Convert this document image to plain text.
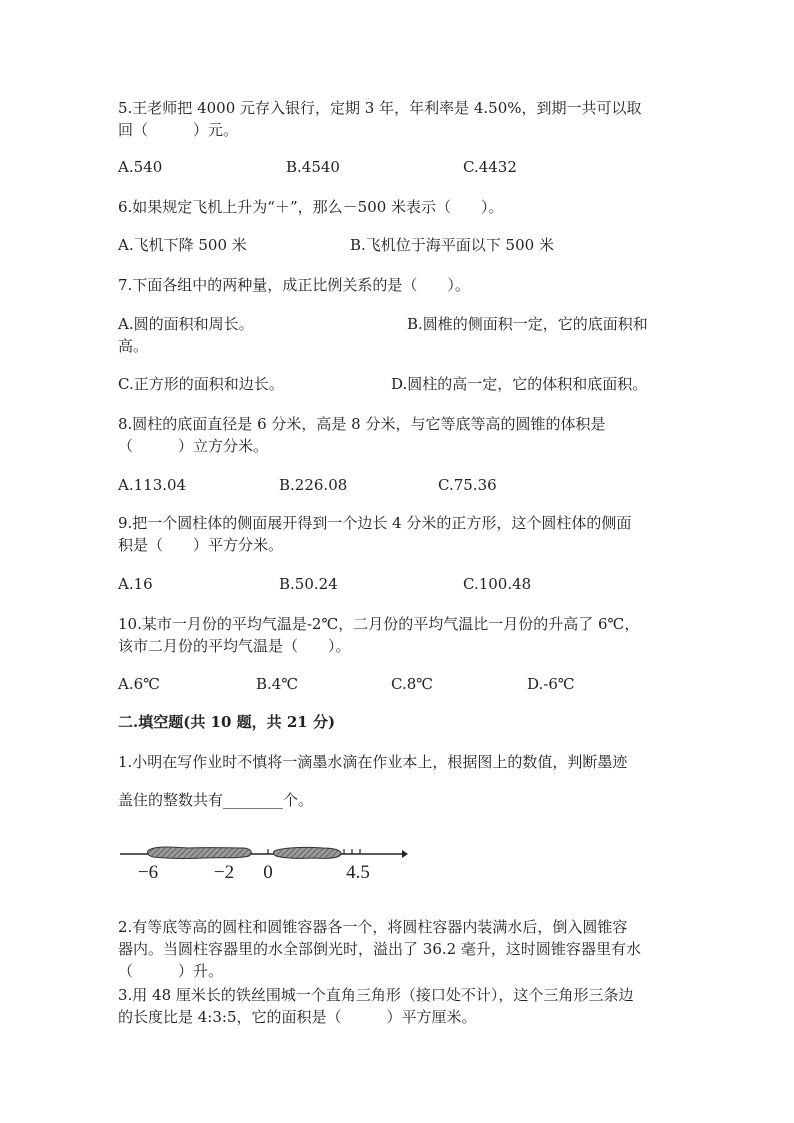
5.王老师把 4000 元存入银行，定期 3 年，年利率是 4.50%，到期一共可以取
回（　　　）元。
A.540	B.4540	C.4432
6.如果规定飞机上升为“＋”，那么－500 米表示（　　）。
A.飞机下降 500 米	B.飞机位于海平面以下 500 米
7.下面各组中的两种量，成正比例关系的是（　　）。
A.圆的面积和周长。	B.圆椎的侧面积一定，它的底面积和
高。
C.正方形的面积和边长。	D.圆柱的高一定，它的体积和底面积。
8.圆柱的底面直径是 6 分米，高是 8 分米，与它等底等高的圆锥的体积是
（　　　）立方分米。
A.113.04	B.226.08	C.75.36
9.把一个圆柱体的侧面展开得到一个边长 4 分米的正方形，这个圆柱体的侧面
积是（　　）平方分米。
A.16	B.50.24	C.100.48
10.某市一月份的平均气温是-2℃，二月份的平均气温比一月份的升高了 6℃，
该市二月份的平均气温是（　　）。
A.6℃	B.4℃	C.8℃	D.-6℃
二.填空题(共 10 题，共 21 分)
1.小明在写作业时不慎将一滴墨水滴在作业本上，根据图上的数值，判断墨迹
盖住的整数共有________个。
−6	−2 0	4.5
2.有等底等高的圆柱和圆锥容器各一个，将圆柱容器内装满水后，倒入圆锥容
器内。当圆柱容器里的水全部倒光时，溢出了 36.2 毫升，这时圆锥容器里有水
（　　　）升。
3.用 48 厘米长的铁丝围城一个直角三角形（接口处不计），这个三角形三条边
的长度比是 4:3:5，它的面积是（　　　）平方厘米。
